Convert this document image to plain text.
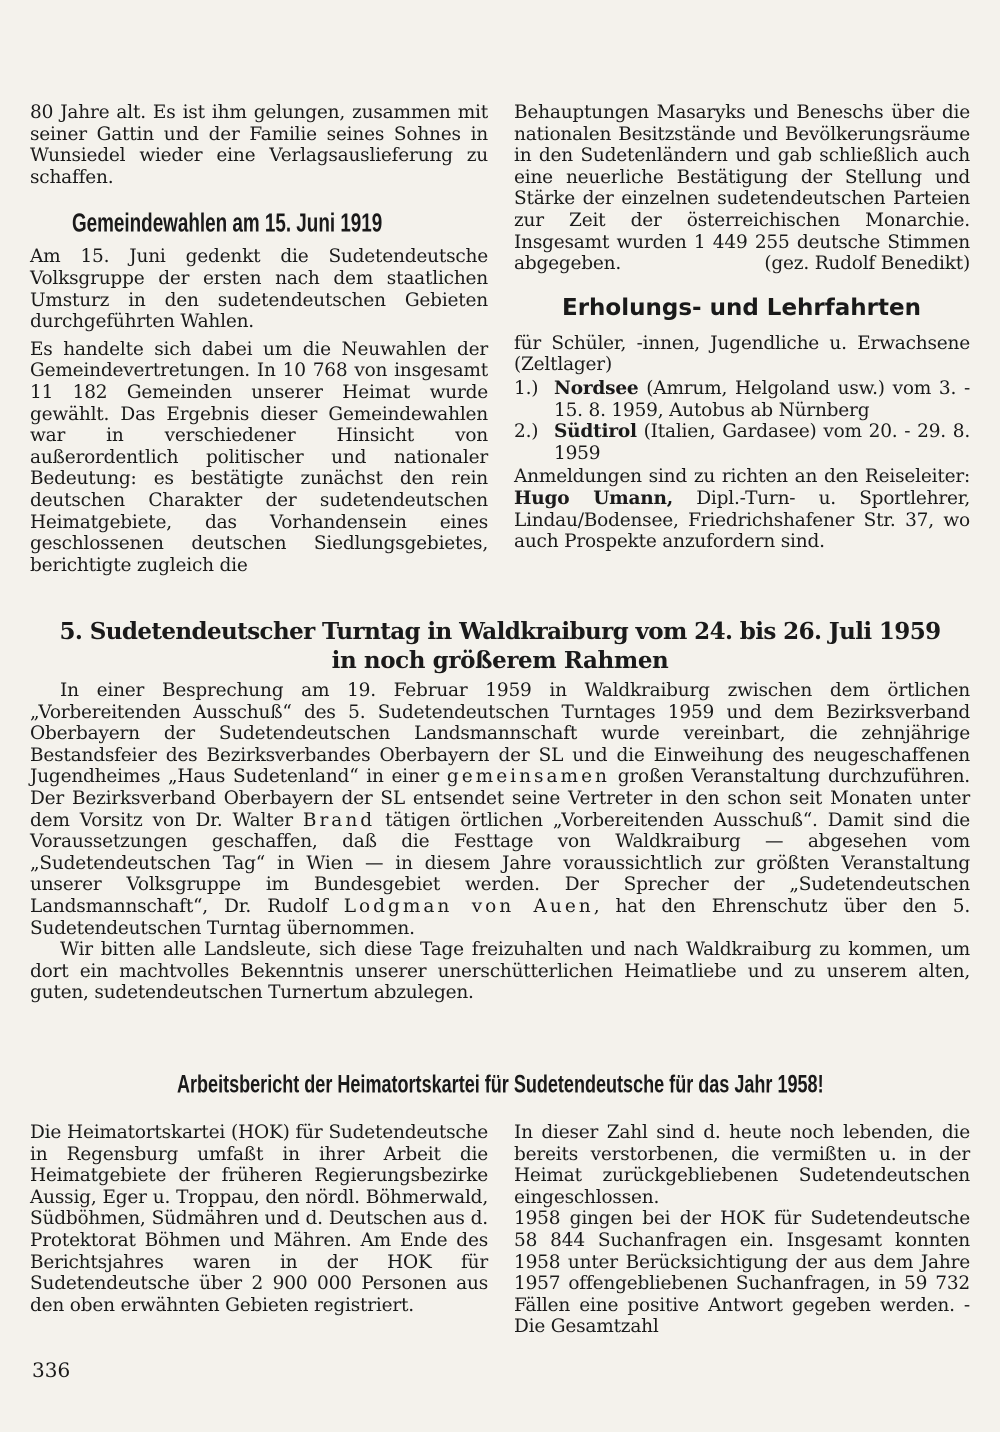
80 Jahre alt. Es ist ihm gelungen, zusammen mit seiner Gattin und der Familie seines Sohnes in Wunsiedel wieder eine Verlagsauslieferung zu schaffen.

Gemeindewahlen am 15. Juni 1919

Am 15. Juni gedenkt die Sudetendeutsche Volksgruppe der ersten nach dem staatlichen Umsturz in den sudetendeutschen Gebieten durchgeführten Wahlen.

Es handelte sich dabei um die Neuwahlen der Gemeindevertretungen. In 10 768 von insgesamt 11 182 Gemeinden unserer Heimat wurde gewählt. Das Ergebnis dieser Gemeindewahlen war in verschiedener Hinsicht von außerordentlich politischer und nationaler Bedeutung: es bestätigte zunächst den rein deutschen Charakter der sudetendeutschen Heimatgebiete, das Vorhandensein eines geschlossenen deutschen Siedlungsgebietes, berichtigte zugleich die

Behauptungen Masaryks und Beneschs über die nationalen Besitzstände und Bevölkerungsräume in den Sudetenländern und gab schließlich auch eine neuerliche Bestätigung der Stellung und Stärke der einzelnen sudetendeutschen Parteien zur Zeit der österreichischen Monarchie. Insgesamt wurden 1 449 255 deutsche Stimmen abgegeben.	(gez. Rudolf Benedikt)

Erholungs- und Lehrfahrten

für Schüler, -innen, Jugendliche u. Erwachsene (Zeltlager)

1.) Nordsee (Amrum, Helgoland usw.) vom 3. - 15. 8. 1959, Autobus ab Nürnberg
2.) Südtirol (Italien, Gardasee) vom 20. - 29. 8. 1959

Anmeldungen sind zu richten an den Reiseleiter: Hugo Umann, Dipl.-Turn- u. Sportlehrer, Lindau/Bodensee, Friedrichshafener Str. 37, wo auch Prospekte anzufordern sind.

5. Sudetendeutscher Turntag in Waldkraiburg vom 24. bis 26. Juli 1959
in noch größerem Rahmen

In einer Besprechung am 19. Februar 1959 in Waldkraiburg zwischen dem örtlichen „Vorbereitenden Ausschuß“ des 5. Sudetendeutschen Turntages 1959 und dem Bezirksverband Oberbayern der Sudetendeutschen Landsmannschaft wurde vereinbart, die zehnjährige Bestandsfeier des Bezirksverbandes Oberbayern der SL und die Einweihung des neugeschaffenen Jugendheimes „Haus Sudetenland“ in einer gemeinsamen großen Veranstaltung durchzuführen. Der Bezirksverband Oberbayern der SL entsendet seine Vertreter in den schon seit Monaten unter dem Vorsitz von Dr. Walter Brand tätigen örtlichen „Vorbereitenden Ausschuß“. Damit sind die Voraussetzungen geschaffen, daß die Festtage von Waldkraiburg — abgesehen vom „Sudetendeutschen Tag“ in Wien — in diesem Jahre voraussichtlich zur größten Veranstaltung unserer Volksgruppe im Bundesgebiet werden. Der Sprecher der „Sudetendeutschen Landsmannschaft“, Dr. Rudolf Lodgman von Auen, hat den Ehrenschutz über den 5. Sudetendeutschen Turntag übernommen.

Wir bitten alle Landsleute, sich diese Tage freizuhalten und nach Waldkraiburg zu kommen, um dort ein machtvolles Bekenntnis unserer unerschütterlichen Heimatliebe und zu unserem alten, guten, sudetendeutschen Turnertum abzulegen.

Arbeitsbericht der Heimatortskartei für Sudetendeutsche für das Jahr 1958!

Die Heimatortskartei (HOK) für Sudetendeutsche in Regensburg umfaßt in ihrer Arbeit die Heimatgebiete der früheren Regierungsbezirke Aussig, Eger u. Troppau, den nördl. Böhmerwald, Südböhmen, Südmähren und d. Deutschen aus d. Protektorat Böhmen und Mähren. Am Ende des Berichtsjahres waren in der HOK für Sudetendeutsche über 2 900 000 Personen aus den oben erwähnten Gebieten registriert.

In dieser Zahl sind d. heute noch lebenden, die bereits verstorbenen, die vermißten u. in der Heimat zurückgebliebenen Sudetendeutschen eingeschlossen.

1958 gingen bei der HOK für Sudetendeutsche 58 844 Suchanfragen ein. Insgesamt konnten 1958 unter Berücksichtigung der aus dem Jahre 1957 offengebliebenen Suchanfragen, in 59 732 Fällen eine positive Antwort gegeben werden. - Die Gesamtzahl

336
